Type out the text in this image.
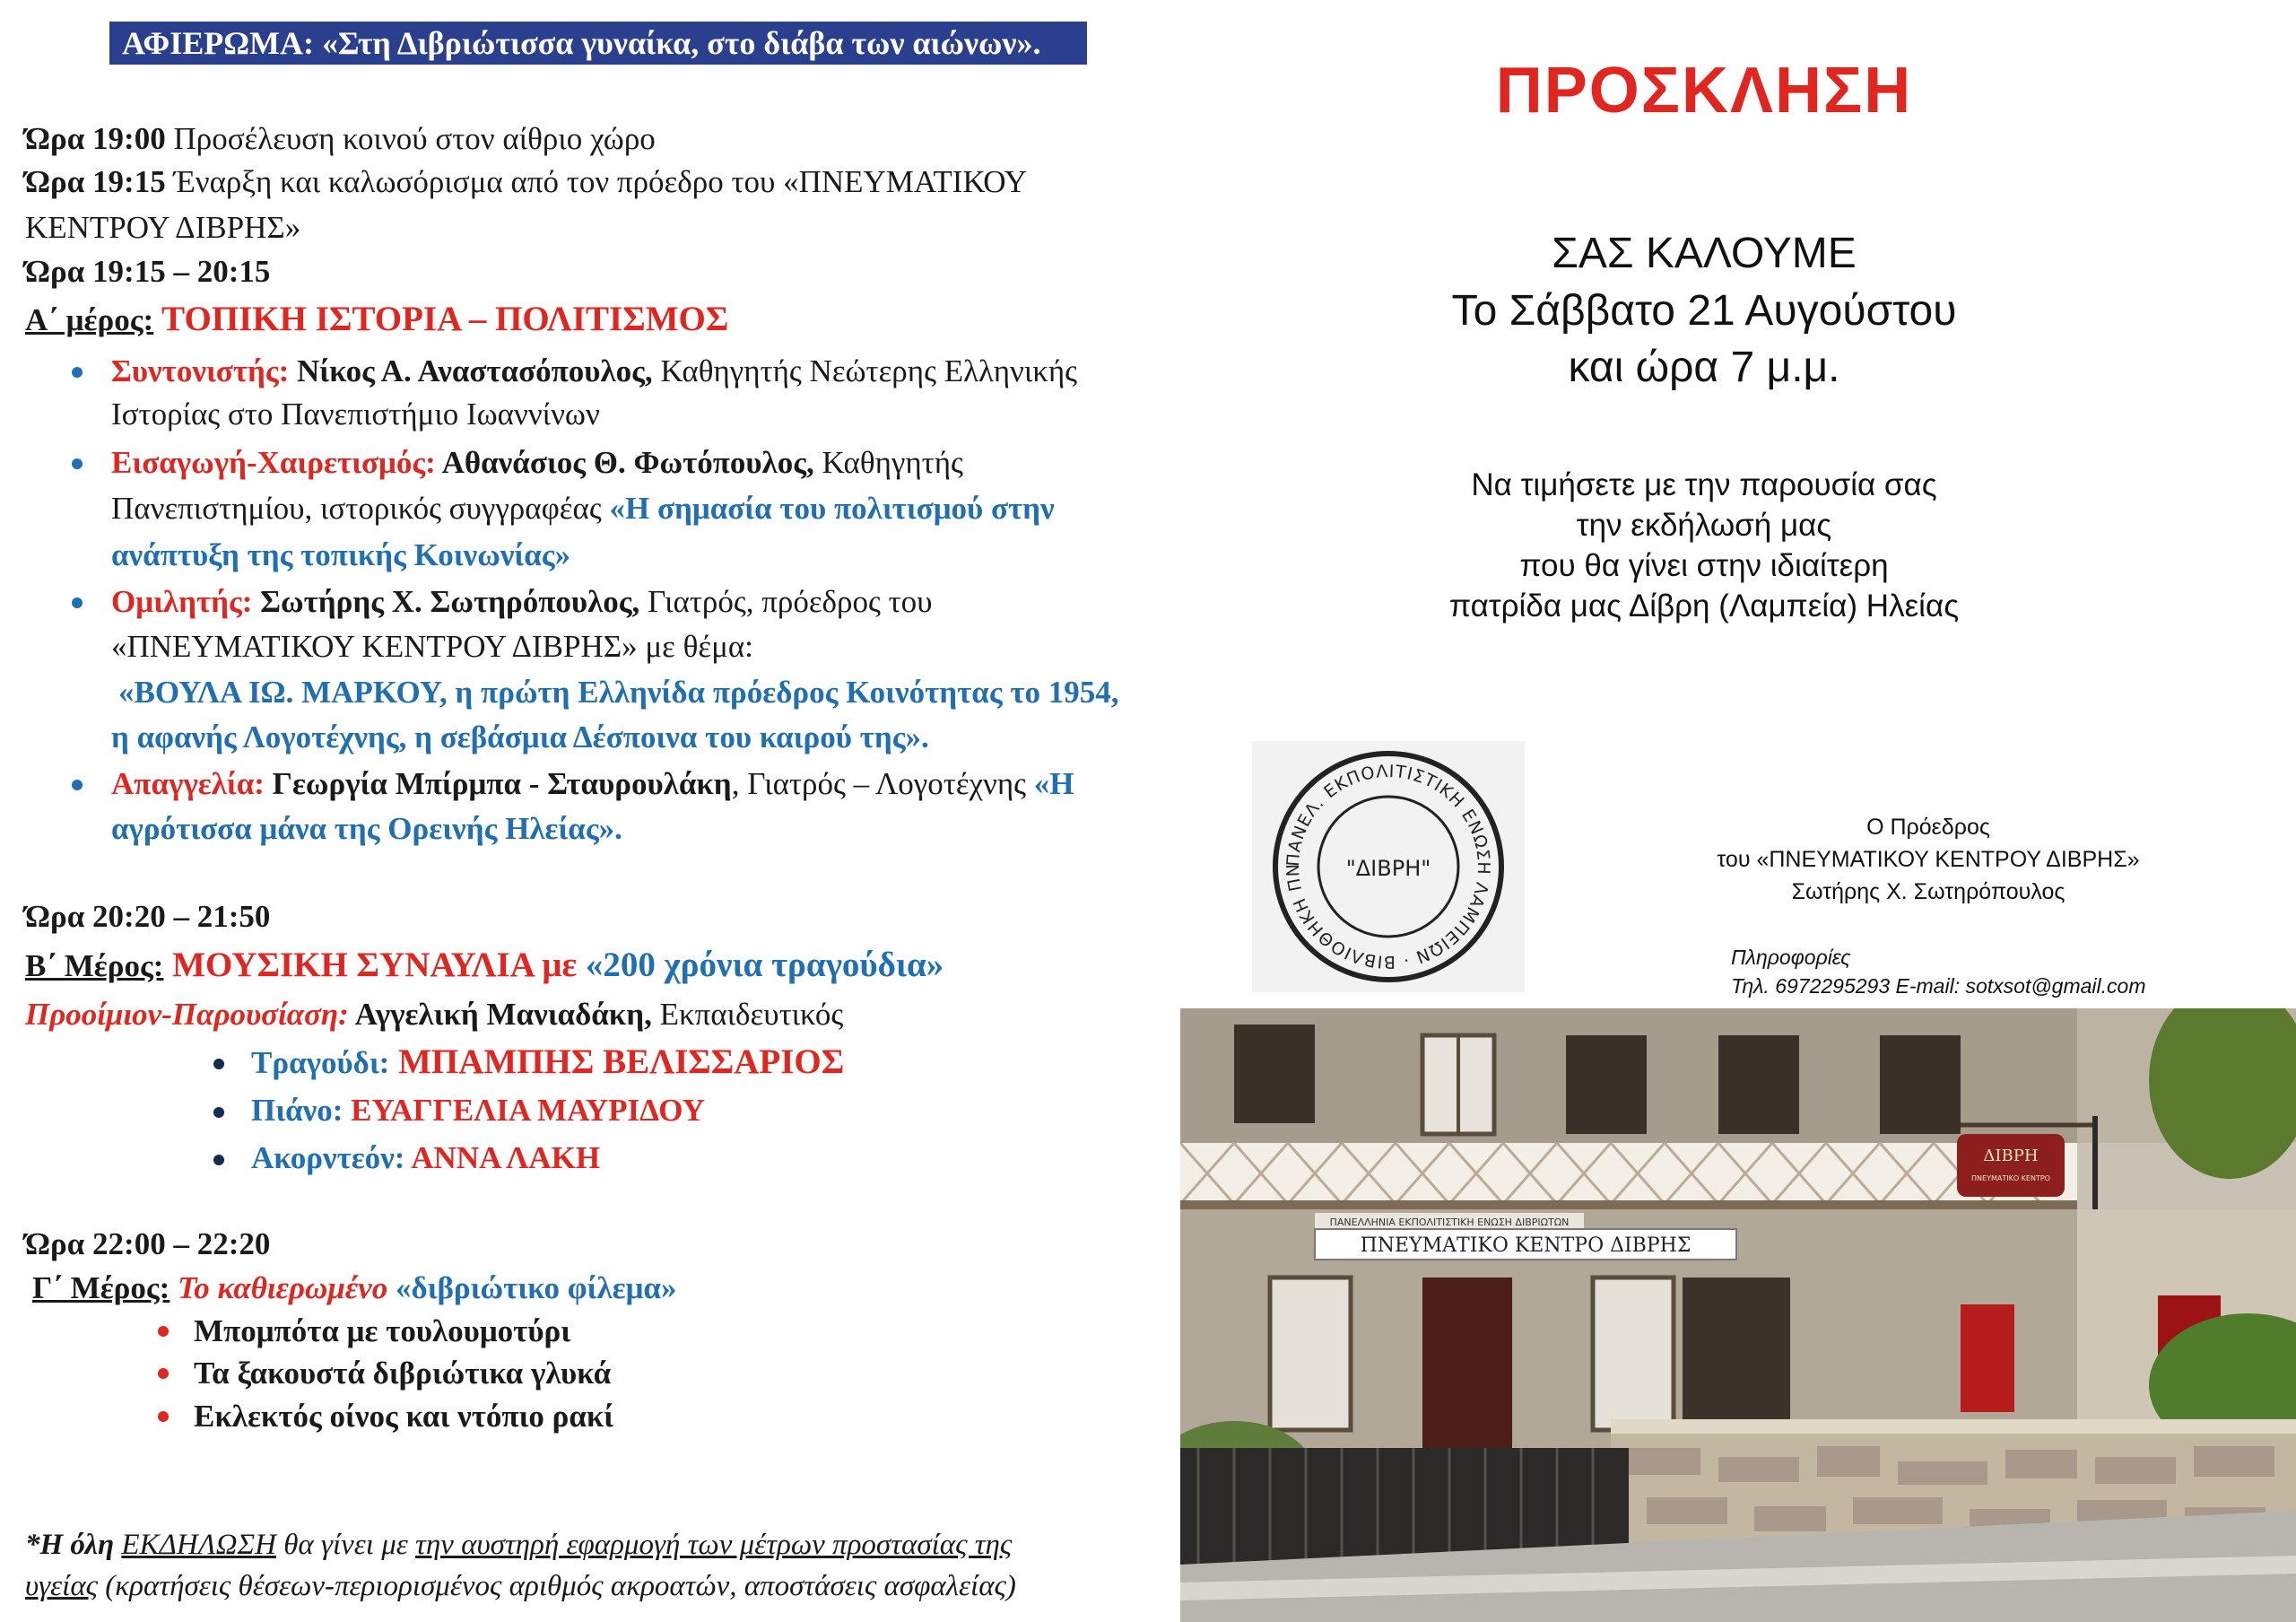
ΑΦΙΕΡΩΜΑ: «Στη Διβριώτισσα γυναίκα, στο διάβα των αιώνων».
Ώρα 19:00 Προσέλευση κοινού στον αίθριο χώρο
Ώρα 19:15 Έναρξη και καλωσόρισμα από τον πρόεδρο του «ΠΝΕΥΜΑΤΙΚΟΥ
ΚΕΝΤΡΟΥ ΔΙΒΡΗΣ»
Ώρα 19:15 – 20:15
Α΄ μέρος: ΤΟΠΙΚΗ ΙΣΤΟΡΙΑ – ΠΟΛΙΤΙΣΜΟΣ
Συντονιστής: Νίκος Α. Αναστασόπουλος, Καθηγητής Νεώτερης Ελληνικής
Ιστορίας στο Πανεπιστήμιο Ιωαννίνων
Εισαγωγή-Χαιρετισμός: Αθανάσιος Θ. Φωτόπουλος, Καθηγητής
Πανεπιστημίου, ιστορικός συγγραφέας «Η σημασία του πολιτισμού στην
ανάπτυξη της τοπικής Κοινωνίας»
Ομιλητής: Σωτήρης Χ. Σωτηρόπουλος, Γιατρός, πρόεδρος του
«ΠΝΕΥΜΑΤΙΚΟΥ ΚΕΝΤΡΟΥ ΔΙΒΡΗΣ» με θέμα:
«ΒΟΥΛΑ ΙΩ. ΜΑΡΚΟΥ, η πρώτη Ελληνίδα πρόεδρος Κοινότητας το 1954,
η αφανής Λογοτέχνης, η σεβάσμια Δέσποινα του καιρού της».
Απαγγελία: Γεωργία Μπίρμπα - Σταυρουλάκη, Γιατρός – Λογοτέχνης «Η
αγρότισσα μάνα της Ορεινής Ηλείας».
Ώρα 20:20 – 21:50
Β΄ Μέρος: ΜΟΥΣΙΚΗ ΣΥΝΑΥΛΙΑ με «200 χρόνια τραγούδια»
Προοίμιον-Παρουσίαση: Αγγελική Μανιαδάκη, Εκπαιδευτικός
Τραγούδι: ΜΠΑΜΠΗΣ ΒΕΛΙΣΣΑΡΙΟΣ
Πιάνο: ΕΥΑΓΓΕΛΙΑ ΜΑΥΡΙΔΟΥ
Ακορντεόν: ΑΝΝΑ ΛΑΚΗ
Ώρα 22:00 – 22:20
Γ΄ Μέρος: Το καθιερωμένο «διβριώτικο φίλεμα»
Μπομπότα με τουλουμοτύρι
Τα ξακουστά διβριώτικα γλυκά
Εκλεκτός οίνος και ντόπιο ρακί
*Η όλη ΕΚΔΗΛΩΣΗ θα γίνει με την αυστηρή εφαρμογή των μέτρων προστασίας της
υγείας (κρατήσεις θέσεων-περιορισμένος αριθμός ακροατών, αποστάσεις ασφαλείας)
ΠΡΟΣΚΛΗΣΗ
ΣΑΣ ΚΑΛΟΥΜΕ
Το Σάββατο 21 Αυγούστου
και ώρα 7 μ.μ.
Να τιμήσετε με την παρουσία σας
την εκδήλωσή μας
που θα γίνει στην ιδιαίτερη
πατρίδα μας Δίβρη (Λαμπεία) Ηλείας
ΠΑΝΕΛ. ΕΚΠΟΛΙΤΙΣΤΙΚΗ ΕΝΩΣΗ ΛΑΜΠΕΙΩΝ · ΒΙΒΛΙΟΘΗΚΗ ΠΝ	"ΔΙΒΡΗ"
Ο Πρόεδρος
του «ΠΝΕΥΜΑΤΙΚΟΥ ΚΕΝΤΡΟΥ ΔΙΒΡΗΣ»
Σωτήρης Χ. Σωτηρόπουλος
Πληροφορίες
Τηλ. 6972295293 E-mail: sotxsot@gmail.com
ΔΙΒΡΗ
ΠΝΕΥΜΑΤΙΚΟ ΚΕΝΤΡΟ
ΠΑΝΕΛΛΗΝΙΑ ΕΚΠΟΛΙΤΙΣΤΙΚΗ ΕΝΩΣΗ ΔΙΒΡΙΩΤΩΝ
ΠΝΕΥΜΑΤΙΚΟ ΚΕΝΤΡΟ ΔΙΒΡΗΣ
